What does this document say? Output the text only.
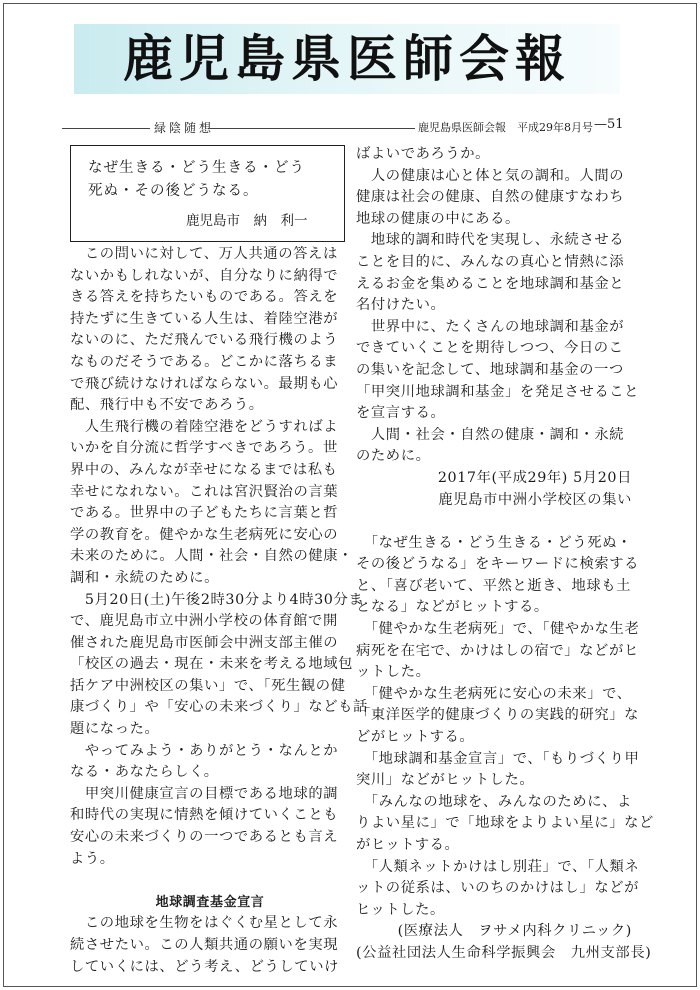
鹿児島県医師会報
緑陰随想	鹿児島県医師会報　平成29年8月号 —51
なぜ生きる・どう生きる・どう
死ぬ・その後どうなる。
鹿児島市　納　利一

　この問いに対して、万人共通の答えは

ないかもしれないが、自分なりに納得で

きる答えを持ちたいものである。答えを

持たずに生きている人生は、着陸空港が

ないのに、ただ飛んでいる飛行機のよう

なものだそうである。どこかに落ちるま

で飛び続けなければならない。最期も心

配、飛行中も不安であろう。

　人生飛行機の着陸空港をどうすればよ

いかを自分流に哲学すべきであろう。世

界中の、みんなが幸せになるまでは私も

幸せになれない。これは宮沢賢治の言葉

である。世界中の子どもたちに言葉と哲

学の教育を。健やかな生老病死に安心の

未来のために。人間・社会・自然の健康・

調和・永続のために。

　5月20日(土)午後2時30分より4時30分ま

で、鹿児島市立中洲小学校の体育館で開

催された鹿児島市医師会中洲支部主催の

「校区の過去・現在・未来を考える地域包

括ケア中洲校区の集い」で、「死生観の健

康づくり」や「安心の未来づくり」なども話

題になった。

　やってみよう・ありがとう・なんとか

なる・あなたらしく。

　甲突川健康宣言の目標である地球的調

和時代の実現に情熱を傾けていくことも

安心の未来づくりの一つであるとも言え

よう。

地球調査基金宣言

　この地球を生物をはぐくむ星として永

続させたい。この人類共通の願いを実現

していくには、どう考え、どうしていけ

ばよいであろうか。

　人の健康は心と体と気の調和。人間の

健康は社会の健康、自然の健康すなわち

地球の健康の中にある。

　地球的調和時代を実現し、永続させる

ことを目的に、みんなの真心と情熱に添

えるお金を集めることを地球調和基金と

名付けたい。

　世界中に、たくさんの地球調和基金が

できていくことを期待しつつ、今日のこ

の集いを記念して、地球調和基金の一つ

「甲突川地球調和基金」を発足させること

を宣言する。

　人間・社会・自然の健康・調和・永続

のために。

2017年(平成29年) 5月20日

鹿児島市中洲小学校区の集い

　「なぜ生きる・どう生きる・どう死ぬ・

その後どうなる」をキーワードに検索する

と、「喜び老いて、平然と逝き、地球も土

となる」などがヒットする。

　「健やかな生老病死」で、「健やかな生老

病死を在宅で、かけはしの宿で」などがヒ

ットした。

　「健やかな生老病死に安心の未来」で、

「東洋医学的健康づくりの実践的研究」な

どがヒットする。

　「地球調和基金宣言」で、「もりづくり甲

突川」などがヒットした。

　「みんなの地球を、みんなのために、よ

りよい星に」で「地球をよりよい星に」など

がヒットする。

　「人類ネットかけはし別荘」で、「人類ネ

ットの従系は、いのちのかけはし」などが

ヒットした。

(医療法人　ヲサメ内科クリニック)

(公益社団法人生命科学振興会　九州支部長)
